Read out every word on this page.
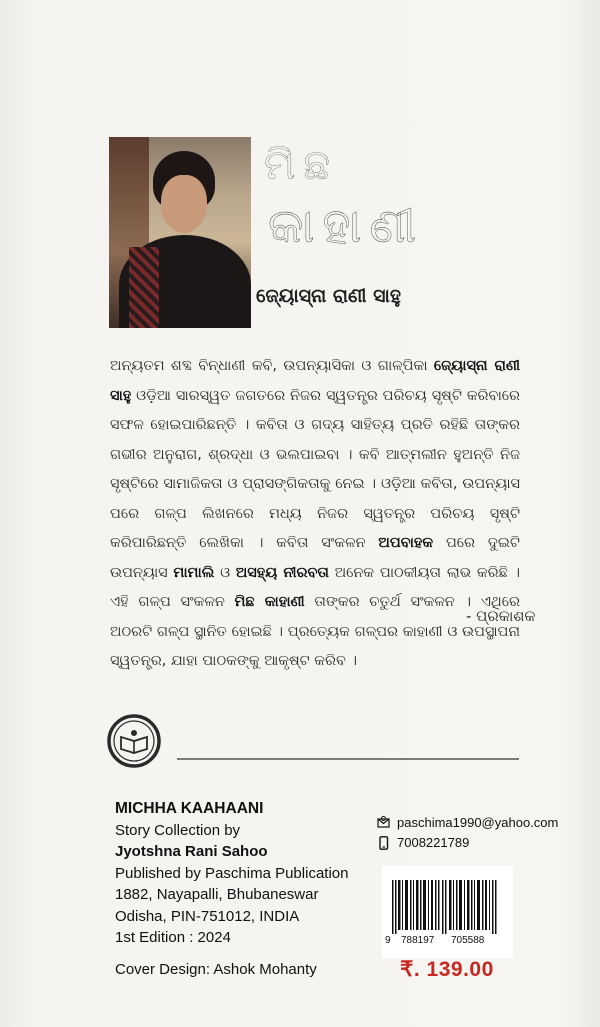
ମିଛ
କାହାଣୀ
ଜ୍ୟୋସ୍ନା ରାଣୀ ସାହୁ
ଅନ୍ୟତମ ଶବ୍ଦ ବିନ୍ଧାଣୀ କବି, ଉପନ୍ୟାସିକା ଓ ଗାଳ୍ପିକା ଜ୍ୟୋସ୍ନା ରାଣୀ ସାହୁ ଓଡ଼ିଆ ସାରସ୍ୱତ ଜଗତରେ ନିଜର ସ୍ୱତନ୍ତ୍ର ପରିଚୟ ସୃଷ୍ଟି କରିବାରେ ସଫଳ ହୋଇପାରିଛନ୍ତି । କବିତା ଓ ଗଦ୍ୟ ସାହିତ୍ୟ ପ୍ରତି ରହିଛି ତାଙ୍କର ଗଭୀର ଅନୁରାଗ, ଶ୍ରଦ୍ଧା ଓ ଭଲପାଇବା । କବି ଆତ୍ମଲୀନ ହୁଅନ୍ତି ନିଜ ସୃଷ୍ଟିରେ ସାମାଜିକତା ଓ ପ୍ରାସଙ୍ଗିକତାକୁ ନେଇ । ଓଡ଼ିଆ କବିତା, ଉପନ୍ୟାସ ପରେ ଗଳ୍ପ ଲିଖନରେ ମଧ୍ୟ ନିଜର ସ୍ୱତନ୍ତ୍ର ପରିଚୟ ସୃଷ୍ଟି କରିପାରିଛନ୍ତି ଲେଖିକା । କବିତା ସଂକଳନ ଅପବାହକ ପରେ ଦୁଇଟି ଉପନ୍ୟାସ ମାମାଲି ଓ ଅସହ୍ୟ ନୀରବତା ଅନେକ ପାଠକୀୟତା ଲାଭ କରିଛି । ଏହି ଗଳ୍ପ ସଂକଳନ ମିଛ କାହାଣୀ ତାଙ୍କର ଚତୁର୍ଥ ସଂକଳନ । ଏଥିରେ ଅଠରଟି ଗଳ୍ପ ସ୍ଥାନିତ ହୋଇଛି । ପ୍ରତ୍ୟେକ ଗଳ୍ପର କାହାଣୀ ଓ ଉପସ୍ଥାପନା ସ୍ୱତନ୍ତ୍ର, ଯାହା ପାଠକଙ୍କୁ ଆକୃଷ୍ଟ କରିବ ।
- ପ୍ରକାଶକ
MICHHA KAAHAANI
Story Collection by
Jyotshna Rani Sahoo
Published by Paschima Publication
1882, Nayapalli, Bhubaneswar
Odisha, PIN-751012, INDIA
1st Edition : 2024
Cover Design: Ashok Mohanty
paschima1990@yahoo.com
7008221789
9 788197 705588
₹. 139.00
